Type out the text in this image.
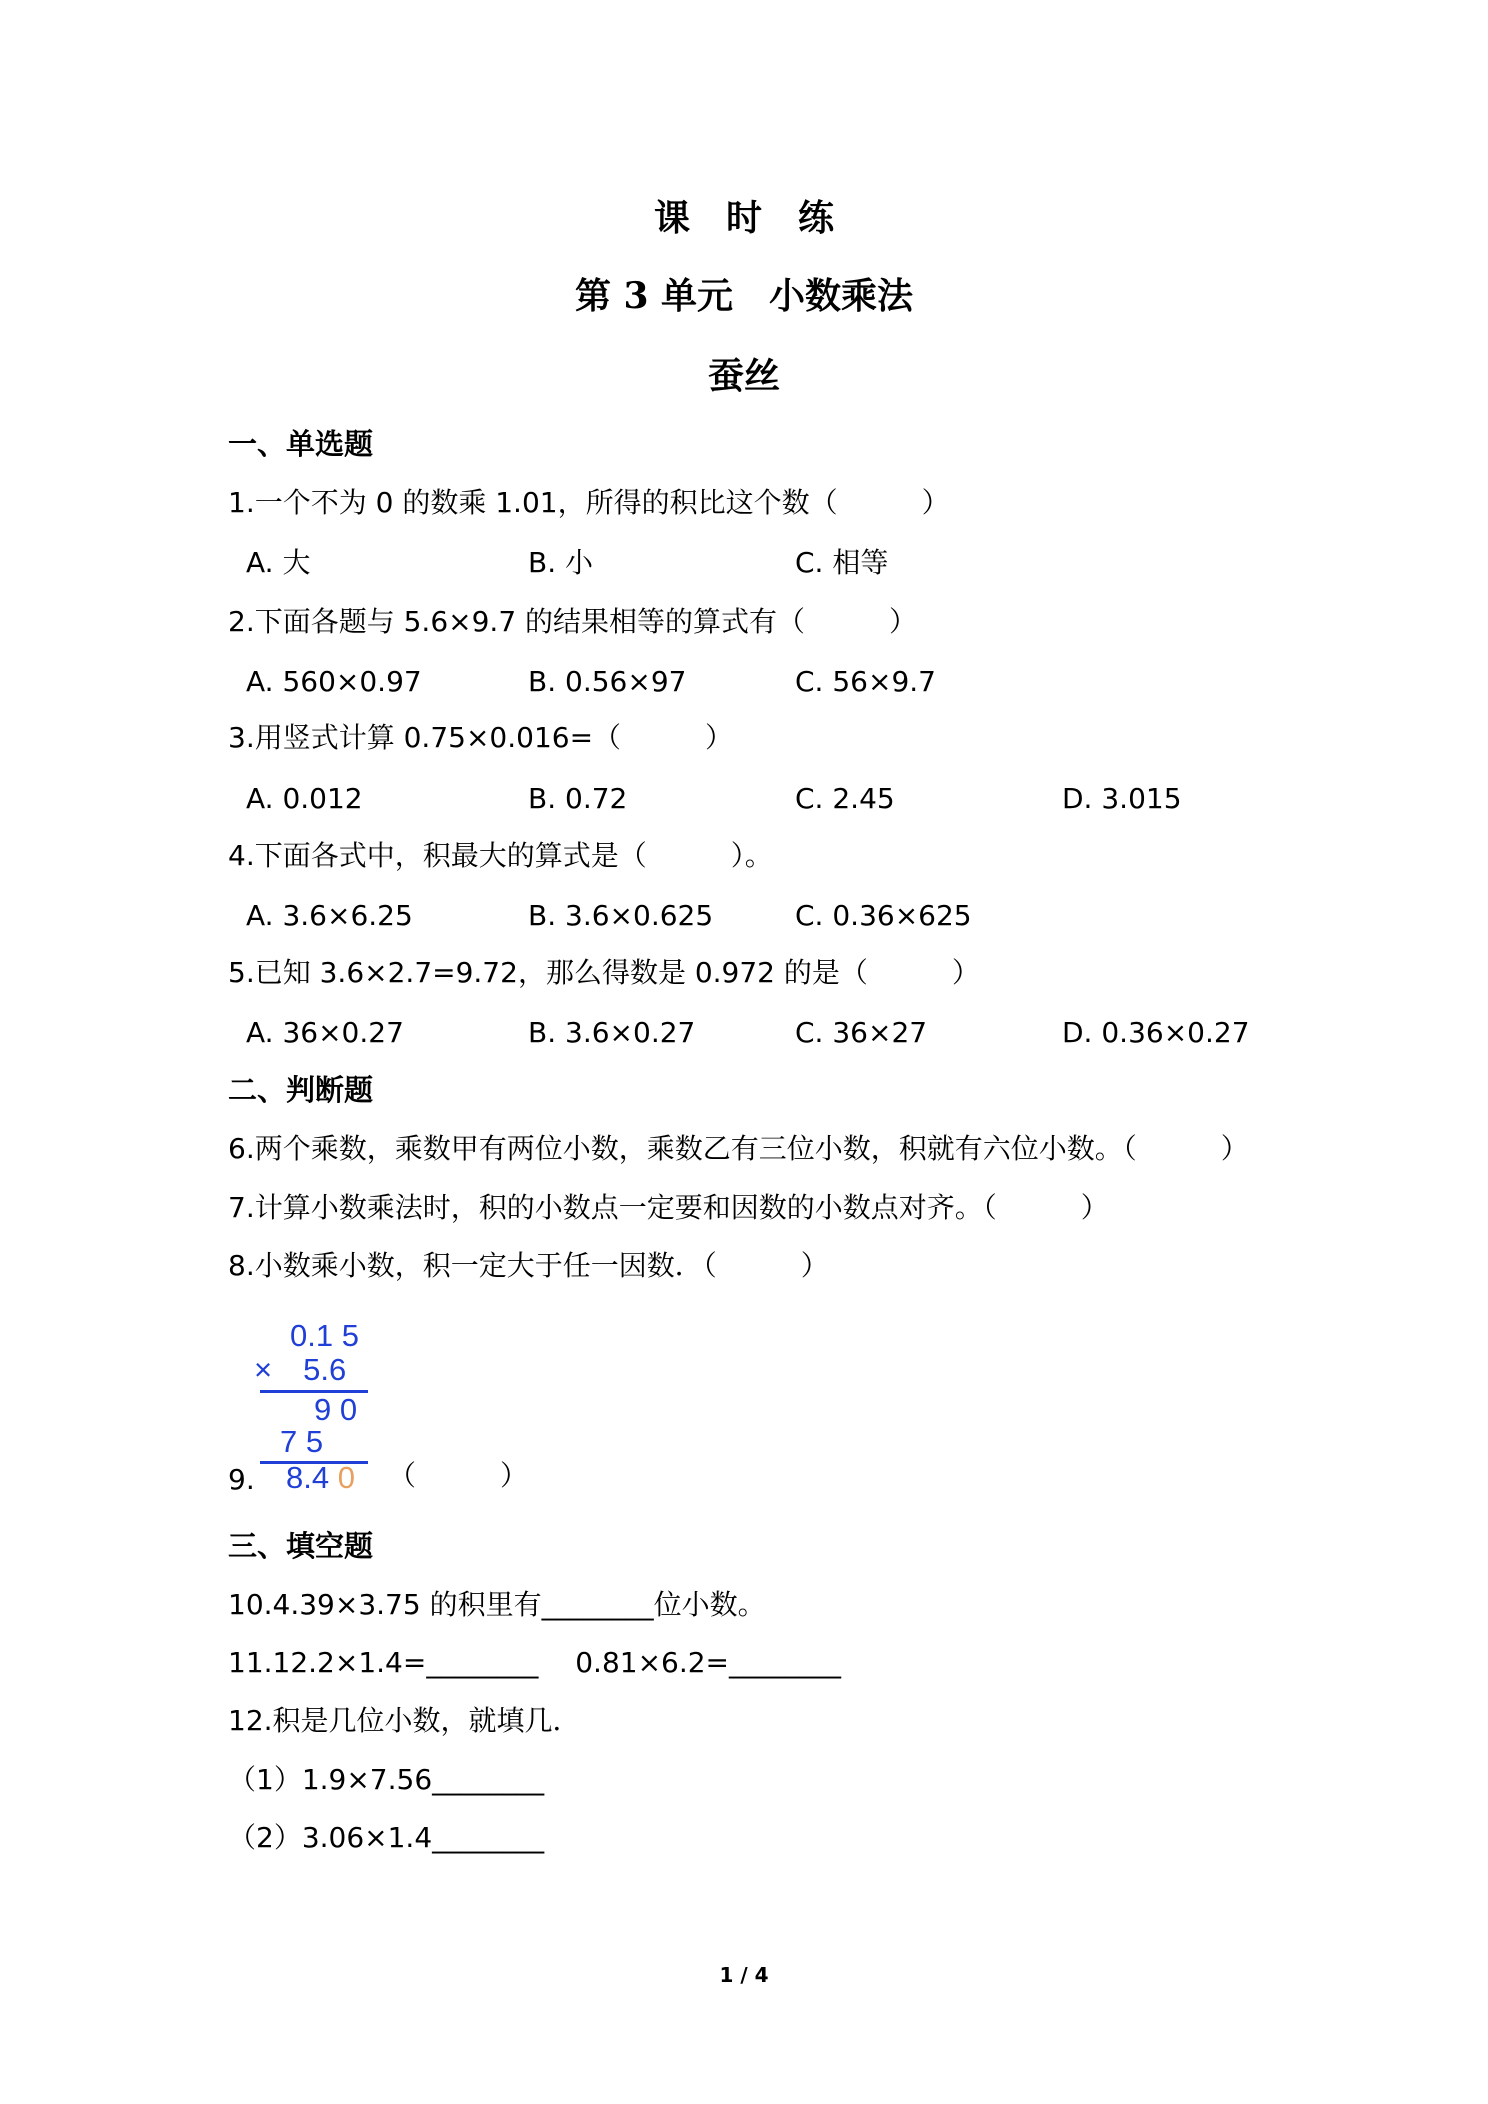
课　时　练
第 3 单元　小数乘法
蚕丝
一、单选题
1.一个不为 0 的数乘 1.01，所得的积比这个数（　　　）
A. 大	B. 小	C. 相等
2.下面各题与 5.6×9.7 的结果相等的算式有（　　　）
A. 560×0.97	B. 0.56×97	C. 56×9.7
3.用竖式计算 0.75×0.016=（　　　）
A. 0.012	B. 0.72	C. 2.45	D. 3.015
4.下面各式中，积最大的算式是（　　　）。
A. 3.6×6.25	B. 3.6×0.625	C. 0.36×625
5.已知 3.6×2.7=9.72，那么得数是 0.972 的是（　　　）
A. 36×0.27	B. 3.6×0.27	C. 36×27	D. 0.36×0.27
二、判断题
6.两个乘数，乘数甲有两位小数，乘数乙有三位小数，积就有六位小数。（　　　）
7.计算小数乘法时，积的小数点一定要和因数的小数点对齐。（　　　）
8.小数乘小数，积一定大于任一因数．（　　　）
0.1 5
×　5.6
9 0
7 5
8.4 0
9.	（　　　）
三、填空题
10.4.39×3.75 的积里有________位小数。
11.12.2×1.4=________　 0.81×6.2=________
12.积是几位小数，就填几．
（1）1.9×7.56________
（2）3.06×1.4________
1 / 4
